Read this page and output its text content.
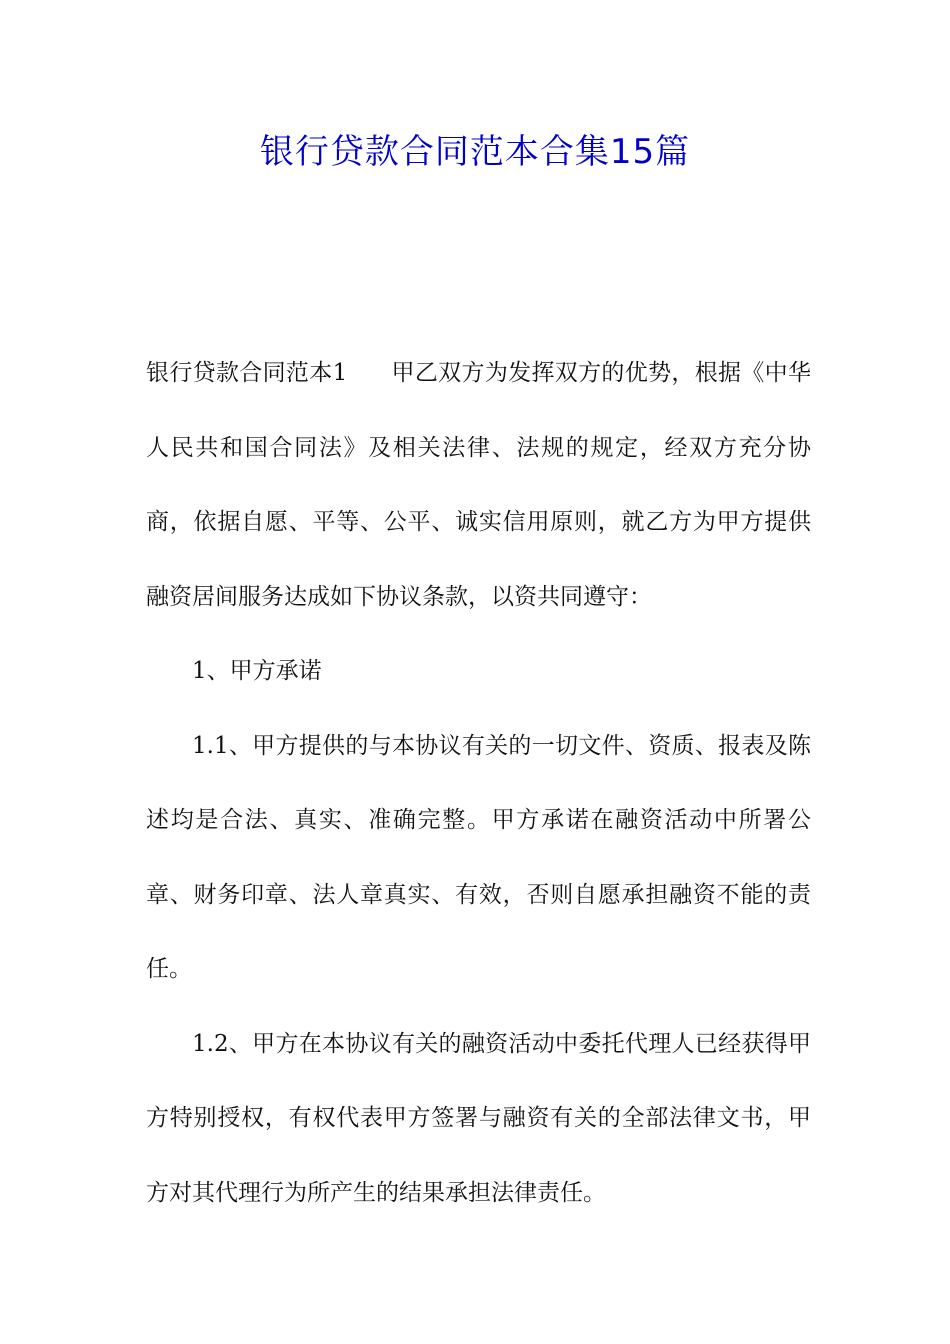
银行贷款合同范本合集15篇

银行贷款合同范本1 甲乙双方为发挥双方的优势，根据《中华人民共和国合同法》及相关法律、法规的规定，经双方充分协商，依据自愿、平等、公平、诚实信用原则，就乙方为甲方提供融资居间服务达成如下协议条款，以资共同遵守：

1、甲方承诺

1.1、甲方提供的与本协议有关的一切文件、资质、报表及陈述均是合法、真实、准确完整。甲方承诺在融资活动中所署公章、财务印章、法人章真实、有效，否则自愿承担融资不能的责任。

1.2、甲方在本协议有关的融资活动中委托代理人已经获得甲方特别授权，有权代表甲方签署与融资有关的全部法律文书，甲方对其代理行为所产生的结果承担法律责任。
